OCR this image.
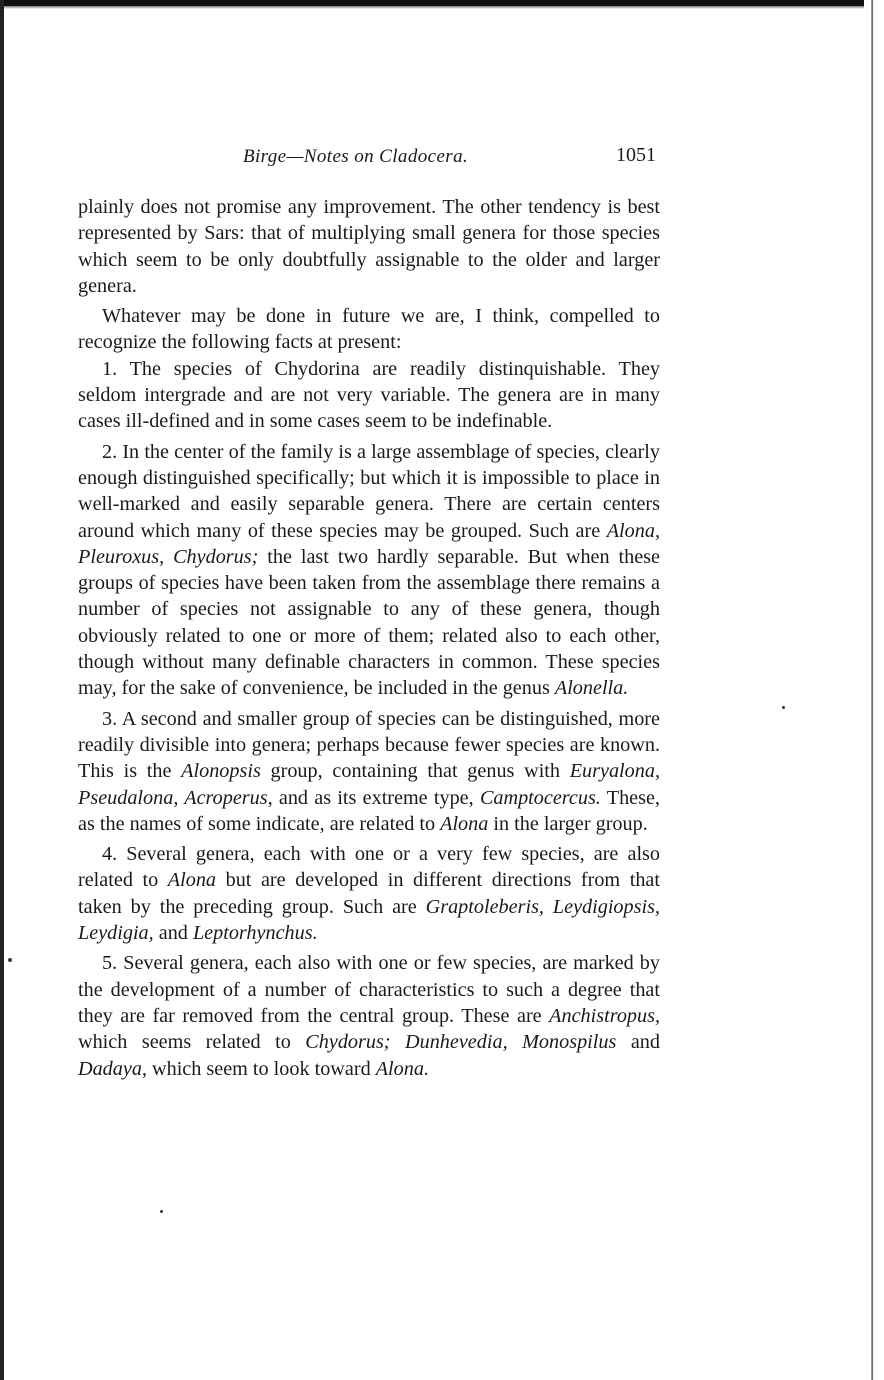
Birge—Notes on Cladocera.	1051

plainly does not promise any improvement. The other tendency is best represented by Sars: that of multiplying small genera for those species which seem to be only doubtfully assignable to the older and larger genera.

Whatever may be done in future we are, I think, compelled to recognize the following facts at present:

1. The species of Chydorina are readily distinquishable. They seldom intergrade and are not very variable. The genera are in many cases ill-defined and in some cases seem to be indefinable.

2. In the center of the family is a large assemblage of species, clearly enough distinguished specifically; but which it is impossible to place in well-marked and easily separable genera. There are certain centers around which many of these species may be grouped. Such are Alona, Pleuroxus, Chydorus; the last two hardly separable. But when these groups of species have been taken from the assemblage there remains a number of species not assignable to any of these genera, though obviously related to one or more of them; related also to each other, though without many definable characters in common. These species may, for the sake of convenience, be included in the genus Alonella.

3. A second and smaller group of species can be distinguished, more readily divisible into genera; perhaps because fewer species are known. This is the Alonopsis group, containing that genus with Euryalona, Pseudalona, Acroperus, and as its extreme type, Camptocercus. These, as the names of some indicate, are related to Alona in the larger group.

4. Several genera, each with one or a very few species, are also related to Alona but are developed in different directions from that taken by the preceding group. Such are Graptoleberis, Leydigiopsis, Leydigia, and Leptorhynchus.

5. Several genera, each also with one or few species, are marked by the development of a number of characteristics to such a degree that they are far removed from the central group. These are Anchistropus, which seems related to Chydorus; Dunhevedia, Monospilus and Dadaya, which seem to look toward Alona.
